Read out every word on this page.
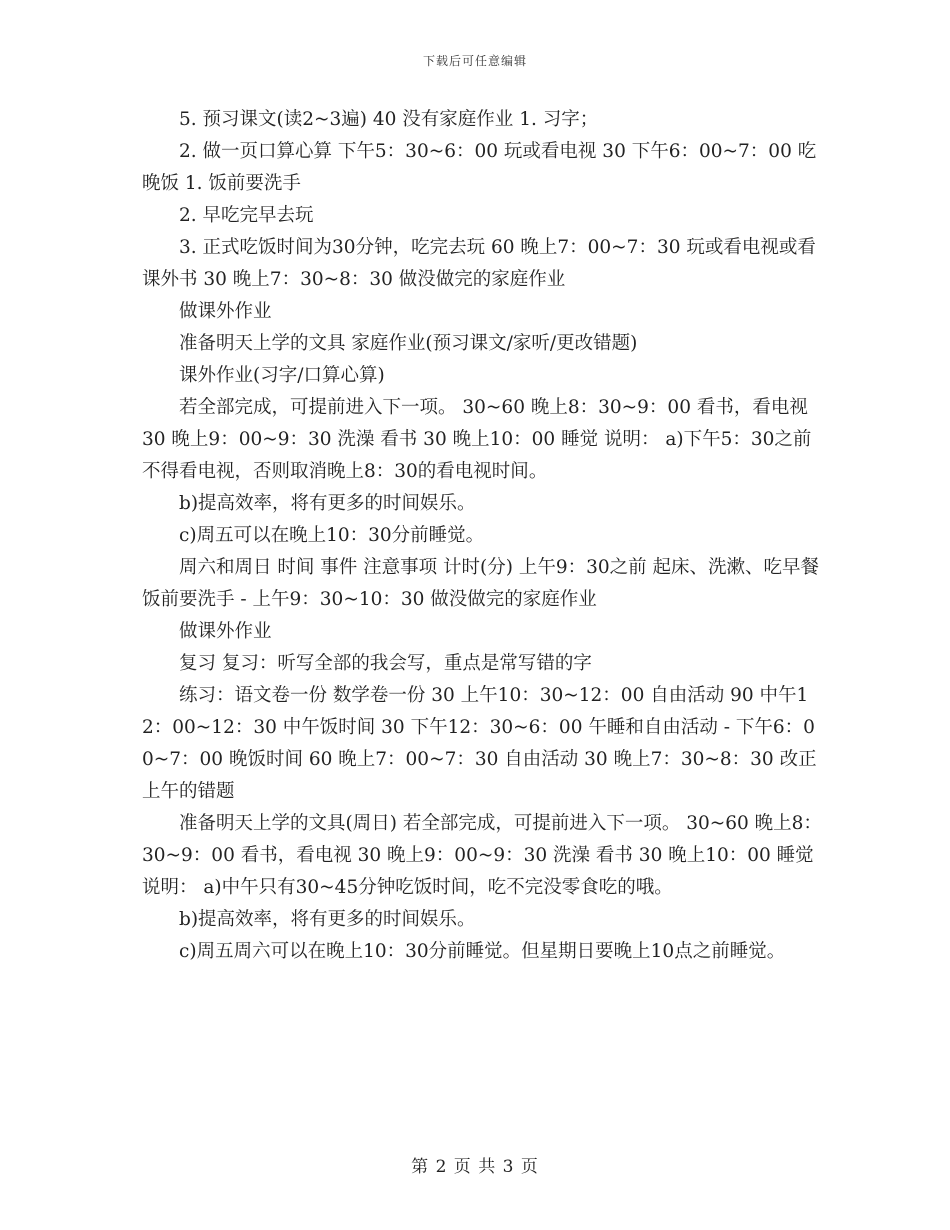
下载后可任意编辑

5. 预习课文(读2~3遍) 40 没有家庭作业 1. 习字；

2. 做一页口算心算 下午5：30~6：00 玩或看电视 30 下午6：00~7：00 吃晚饭 1. 饭前要洗手

2. 早吃完早去玩

3. 正式吃饭时间为30分钟，吃完去玩 60 晚上7：00~7：30 玩或看电视或看课外书 30 晚上7：30~8：30 做没做完的家庭作业

做课外作业

准备明天上学的文具 家庭作业(预习课文/家听/更改错题)

课外作业(习字/口算心算)

若全部完成，可提前进入下一项。 30~60 晚上8：30~9：00 看书，看电视 30 晚上9：00~9：30 洗澡 看书 30 晚上10：00 睡觉 说明： a)下午5：30之前不得看电视，否则取消晚上8：30的看电视时间。

b)提高效率，将有更多的时间娱乐。

c)周五可以在晚上10：30分前睡觉。

周六和周日 时间 事件 注意事项 计时(分) 上午9：30之前 起床、洗漱、吃早餐 饭前要洗手 - 上午9：30~10：30 做没做完的家庭作业

做课外作业

复习 复习：听写全部的我会写，重点是常写错的字

练习：语文卷一份 数学卷一份 30 上午10：30~12：00 自由活动 90 中午12：00~12：30 中午饭时间 30 下午12：30~6：00 午睡和自由活动 - 下午6：00~7：00 晚饭时间 60 晚上7：00~7：30 自由活动 30 晚上7：30~8：30 改正上午的错题

准备明天上学的文具(周日) 若全部完成，可提前进入下一项。 30~60 晚上8：30~9：00 看书，看电视 30 晚上9：00~9：30 洗澡 看书 30 晚上10：00 睡觉 说明： a)中午只有30~45分钟吃饭时间，吃不完没零食吃的哦。

b)提高效率，将有更多的时间娱乐。

c)周五周六可以在晚上10：30分前睡觉。但星期日要晚上10点之前睡觉。

第 2 页 共 3 页
